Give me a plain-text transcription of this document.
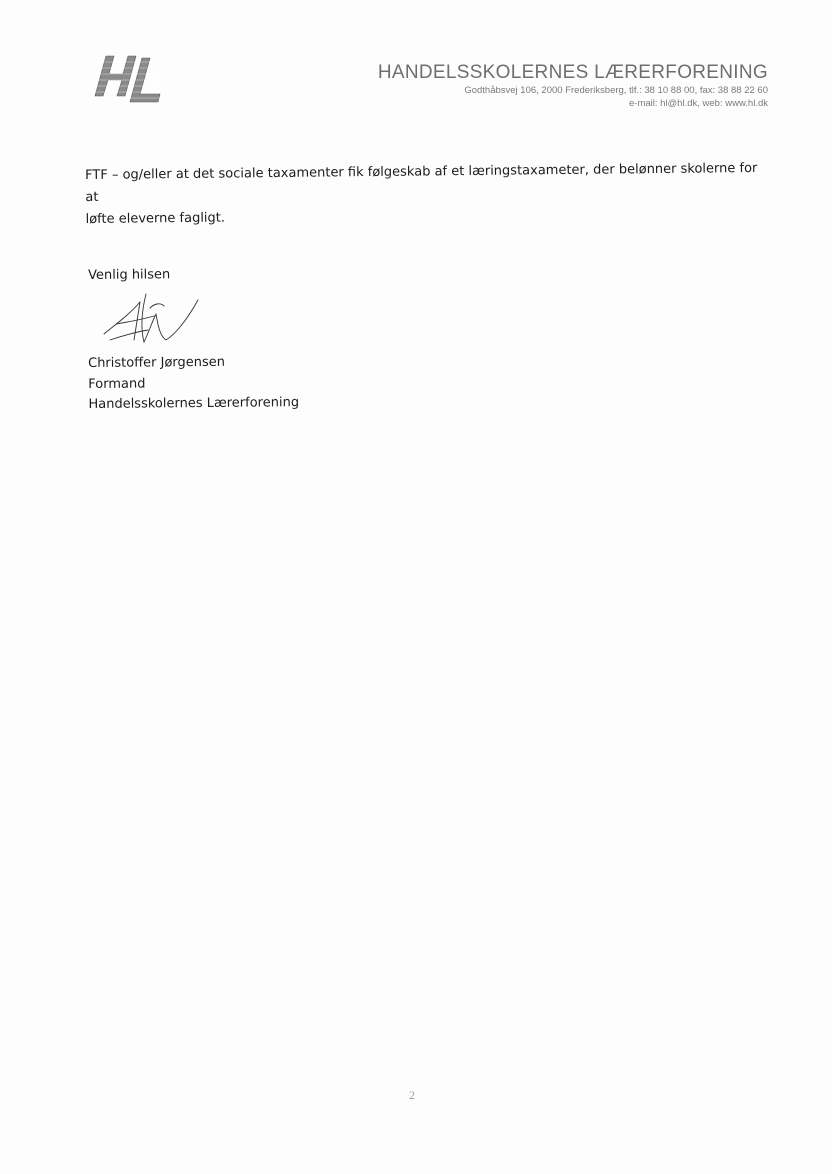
HANDELSSKOLERNES LÆRERFORENING
Godthåbsvej 106, 2000 Frederiksberg, tlf.: 38 10 88 00, fax: 38 88 22 60
e-mail: hl@hl.dk, web: www.hl.dk
FTF – og/eller at det sociale taxamenter fik følgeskab af et læringstaxameter, der belønner skolerne for at
løfte eleverne fagligt.
Venlig hilsen
Christoffer Jørgensen
Formand
Handelsskolernes Lærerforening
2
